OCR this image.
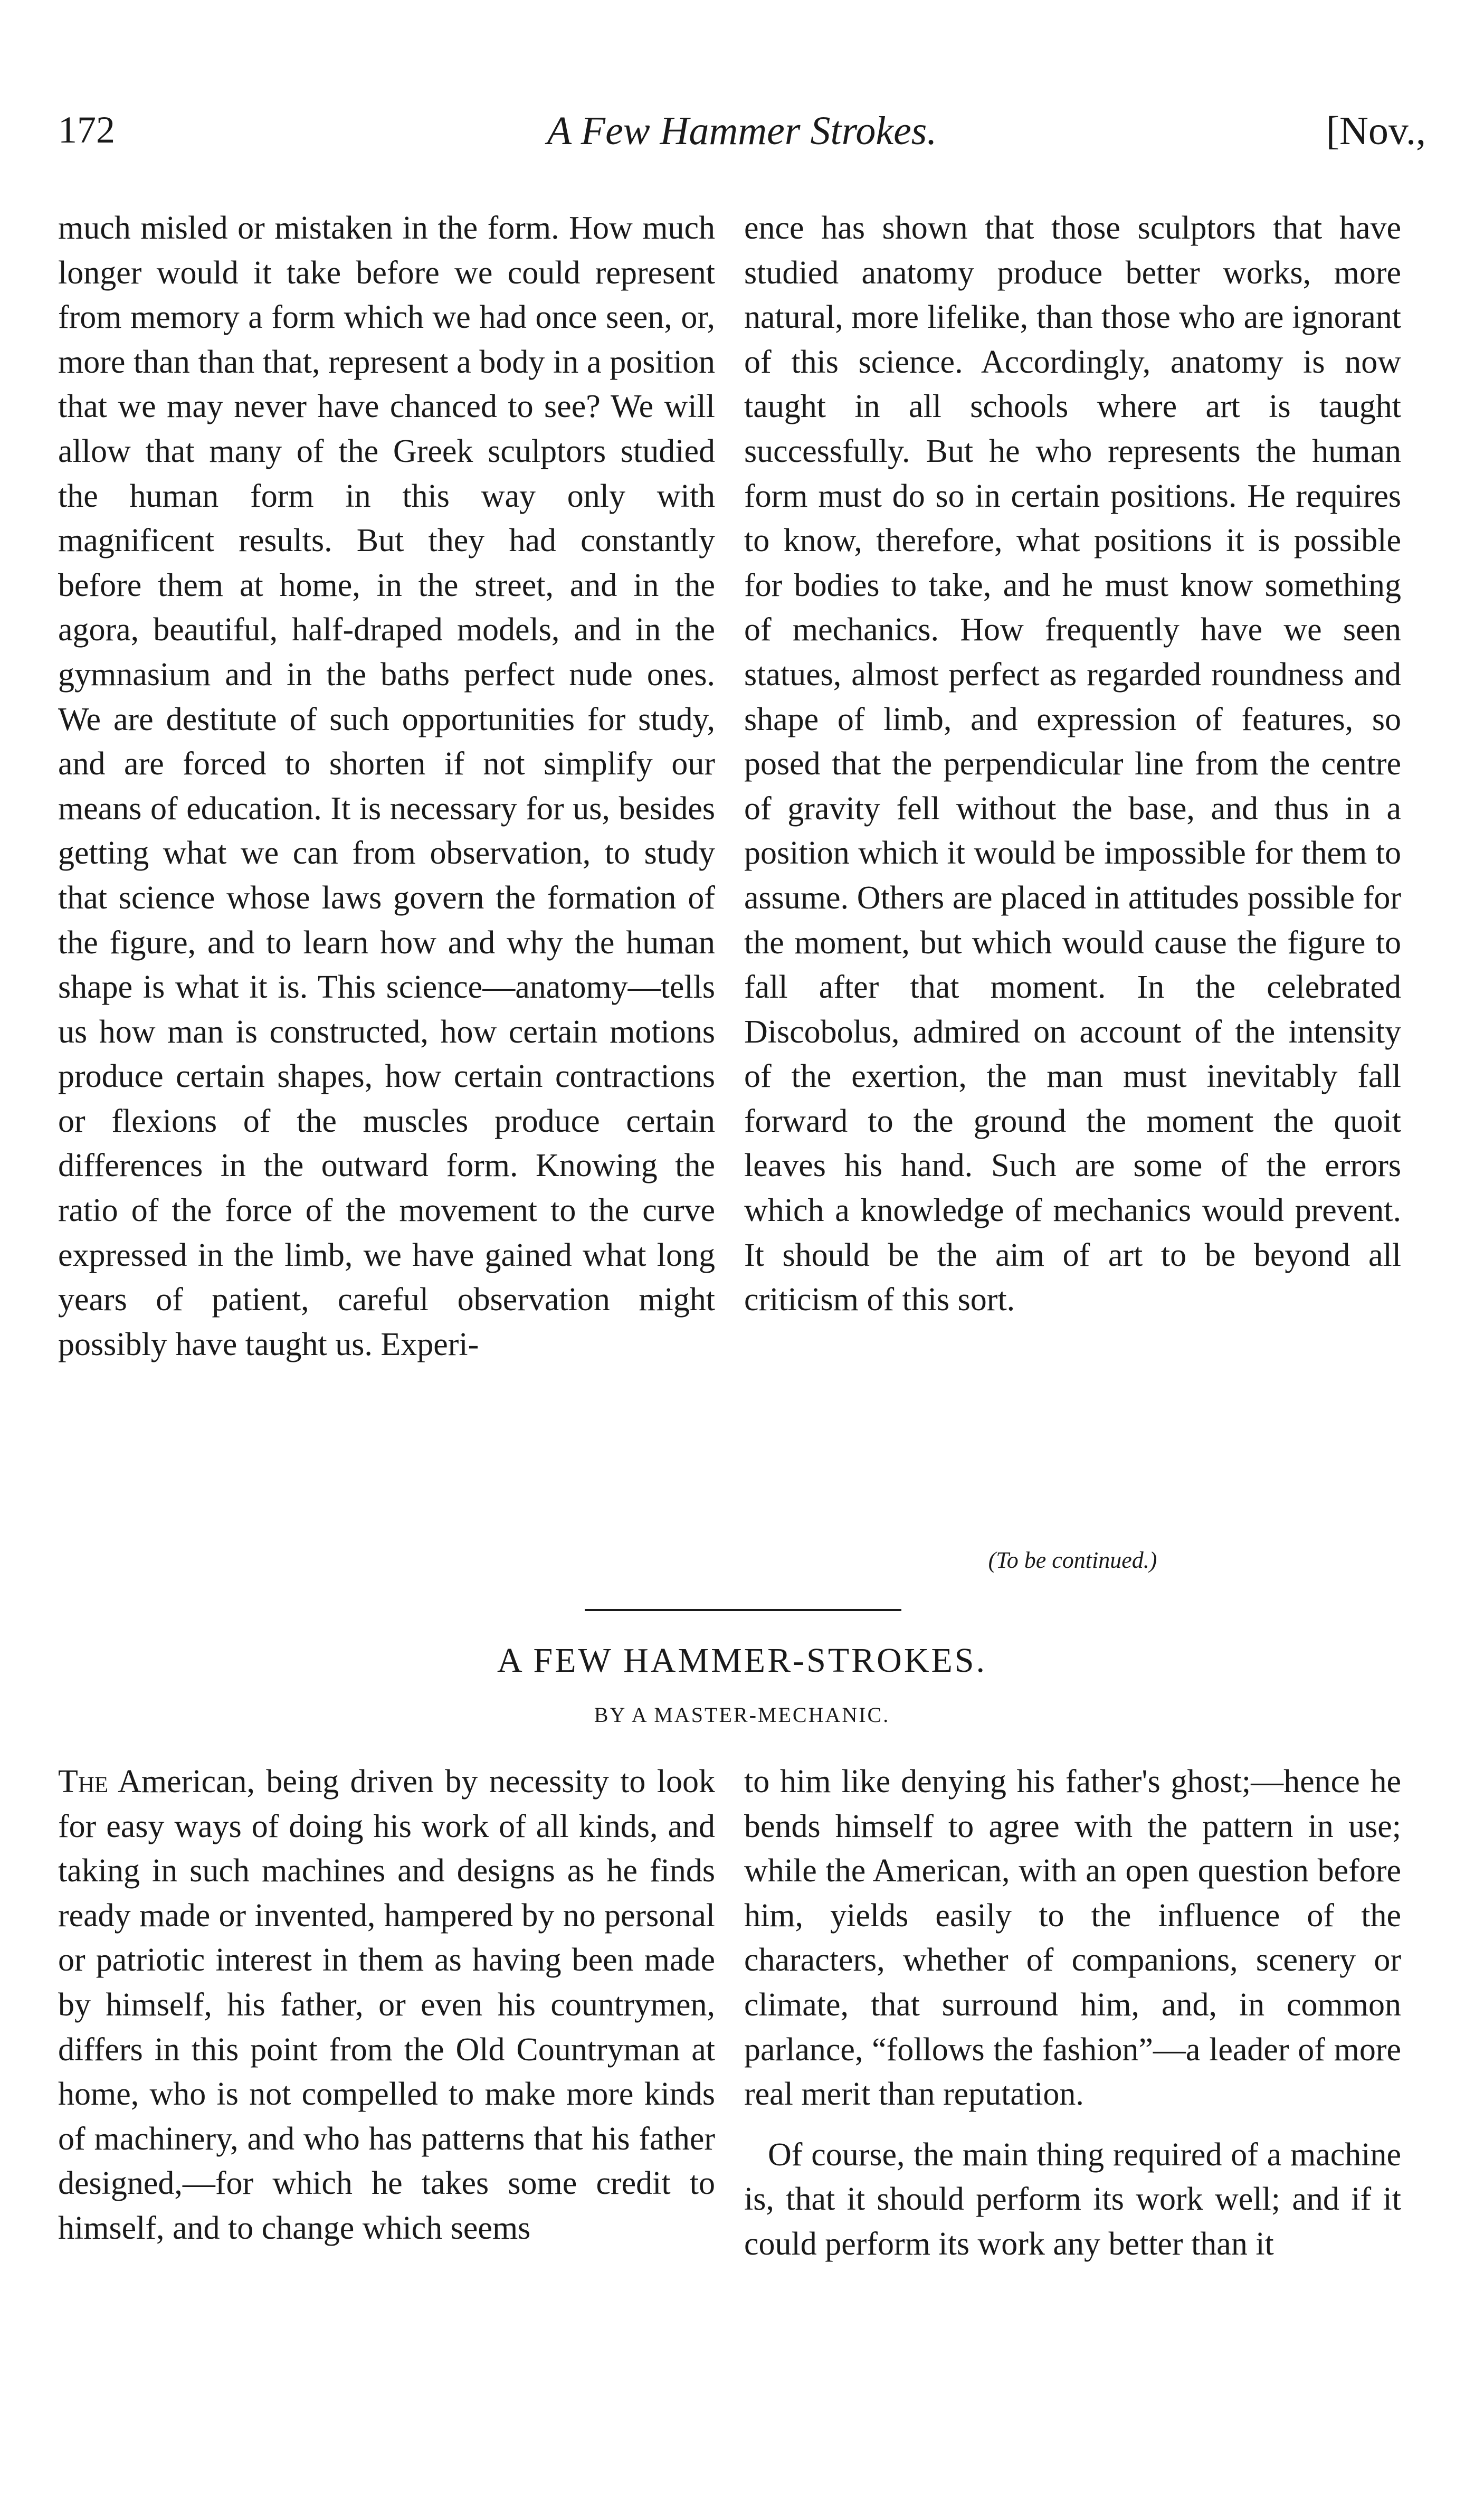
172	A Few Hammer Strokes.	[Nov.,

much misled or mistaken in the form. How much longer would it take before we could represent from memory a form which we had once seen, or, more than than that, represent a body in a position that we may never have chanced to see? We will allow that many of the Greek sculptors studied the human form in this way only with magnificent results. But they had constantly before them at home, in the street, and in the agora, beautiful, half-draped models, and in the gymnasium and in the baths perfect nude ones. We are destitute of such opportunities for study, and are forced to shorten if not simplify our means of education. It is necessary for us, besides getting what we can from observation, to study that science whose laws govern the formation of the figure, and to learn how and why the human shape is what it is. This science—anatomy—tells us how man is constructed, how certain motions produce certain shapes, how certain contractions or flexions of the muscles produce certain differences in the outward form. Knowing the ratio of the force of the movement to the curve expressed in the limb, we have gained what long years of patient, careful observation might possibly have taught us. Experi-

ence has shown that those sculptors that have studied anatomy produce better works, more natural, more lifelike, than those who are ignorant of this science. Accordingly, anatomy is now taught in all schools where art is taught successfully. But he who represents the human form must do so in certain positions. He requires to know, therefore, what positions it is possible for bodies to take, and he must know something of mechanics. How frequently have we seen statues, almost perfect as regarded roundness and shape of limb, and expression of features, so posed that the perpendicular line from the centre of gravity fell without the base, and thus in a position which it would be impossible for them to assume. Others are placed in attitudes possible for the moment, but which would cause the figure to fall after that moment. In the celebrated Discobolus, admired on account of the intensity of the exertion, the man must inevitably fall forward to the ground the moment the quoit leaves his hand. Such are some of the errors which a knowledge of mechanics would prevent. It should be the aim of art to be beyond all criticism of this sort.

(To be continued.)
A FEW HAMMER-STROKES.
BY A MASTER-MECHANIC.

The American, being driven by necessity to look for easy ways of doing his work of all kinds, and taking in such machines and designs as he finds ready made or invented, hampered by no personal or patriotic interest in them as having been made by himself, his father, or even his countrymen, differs in this point from the Old Countryman at home, who is not compelled to make more kinds of machinery, and who has patterns that his father designed,—for which he takes some credit to himself, and to change which seems

to him like denying his father's ghost;—hence he bends himself to agree with the pattern in use; while the American, with an open question before him, yields easily to the influence of the characters, whether of companions, scenery or climate, that surround him, and, in common parlance, “follows the fashion”—a leader of more real merit than reputation.

Of course, the main thing required of a machine is, that it should perform its work well; and if it could perform its work any better than it
